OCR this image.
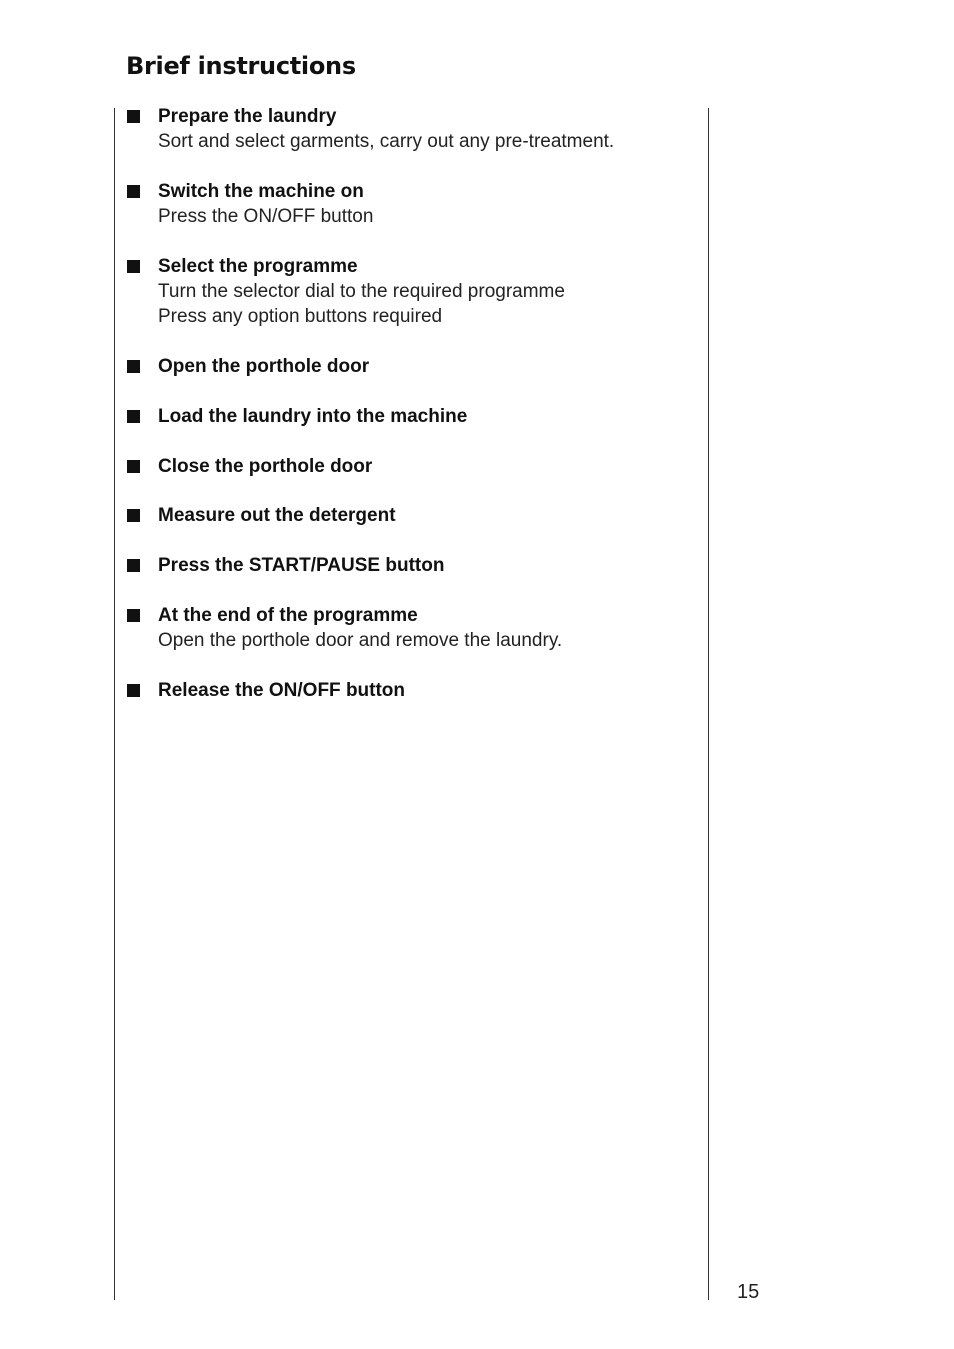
Brief instructions
Prepare the laundry
Sort and select garments, carry out any pre-treatment.
Switch the machine on
Press the ON/OFF button
Select the programme
Turn the selector dial to the required programme
Press any option buttons required
Open the porthole door
Load the laundry into the machine
Close the porthole door
Measure out the detergent
Press the START/PAUSE button
At the end of the programme
Open the porthole door and remove the laundry.
Release the ON/OFF button
15
